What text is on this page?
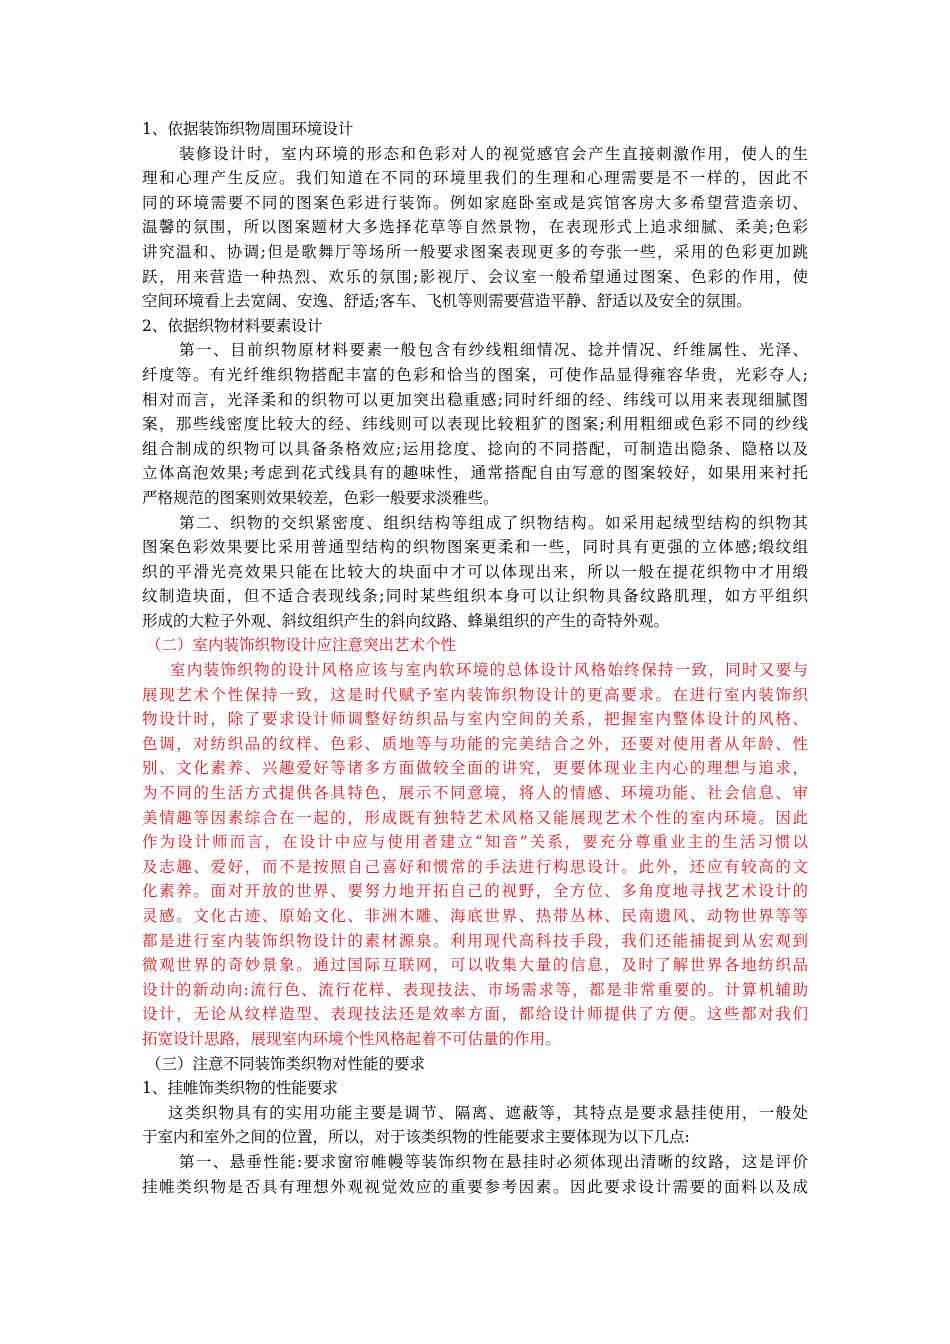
1、依据装饰织物周围环境设计
装修设计时，室内环境的形态和色彩对人的视觉感官会产生直接刺激作用，使人的生
理和心理产生反应。我们知道在不同的环境里我们的生理和心理需要是不一样的，因此不
同的环境需要不同的图案色彩进行装饰。例如家庭卧室或是宾馆客房大多希望营造亲切、
温馨的氛围，所以图案题材大多选择花草等自然景物，在表现形式上追求细腻、柔美;色彩
讲究温和、协调;但是歌舞厅等场所一般要求图案表现更多的夸张一些，采用的色彩更加跳
跃，用来营造一种热烈、欢乐的氛围;影视厅、会议室一般希望通过图案、色彩的作用，使
空间环境看上去宽阔、安逸、舒适;客车、飞机等则需要营造平静、舒适以及安全的氛围。
2、依据织物材料要素设计
第一、目前织物原材料要素一般包含有纱线粗细情况、捻并情况、纤维属性、光泽、
纤度等。有光纤维织物搭配丰富的色彩和恰当的图案，可使作品显得雍容华贵，光彩夺人;
相对而言，光泽柔和的织物可以更加突出稳重感;同时纤细的经、纬线可以用来表现细腻图
案，那些线密度比较大的经、纬线则可以表现比较粗犷的图案;利用粗细或色彩不同的纱线
组合制成的织物可以具备条格效应;运用捻度、捻向的不同搭配，可制造出隐条、隐格以及
立体高泡效果;考虑到花式线具有的趣味性，通常搭配自由写意的图案较好，如果用来衬托
严格规范的图案则效果较差，色彩一般要求淡雅些。
第二、织物的交织紧密度、组织结构等组成了织物结构。如采用起绒型结构的织物其
图案色彩效果要比采用普通型结构的织物图案更柔和一些，同时具有更强的立体感;缎纹组
织的平滑光亮效果只能在比较大的块面中才可以体现出来，所以一般在提花织物中才用缎
纹制造块面，但不适合表现线条;同时某些组织本身可以让织物具备纹路肌理，如方平组织
形成的大粒子外观、斜纹组织产生的斜向纹路、蜂巢组织的产生的奇特外观。
（二）室内装饰织物设计应注意突出艺术个性
室内装饰织物的设计风格应该与室内软环境的总体设计风格始终保持一致，同时又要与
展现艺术个性保持一致，这是时代赋予室内装饰织物设计的更高要求。在进行室内装饰织
物设计时，除了要求设计师调整好纺织品与室内空间的关系，把握室内整体设计的风格、
色调，对纺织品的纹样、色彩、质地等与功能的完美结合之外，还要对使用者从年龄、性
别、文化素养、兴趣爱好等诸多方面做较全面的讲究，更要体现业主内心的理想与追求，
为不同的生活方式提供各具特色，展示不同意境，将人的情感、环境功能、社会信息、审
美情趣等因素综合在一起的，形成既有独特艺术风格又能展现艺术个性的室内环境。因此
作为设计师而言，在设计中应与使用者建立“知音”关系，要充分尊重业主的生活习惯以
及志趣、爱好，而不是按照自己喜好和惯常的手法进行构思设计。此外，还应有较高的文
化素养。面对开放的世界、要努力地开拓自己的视野，全方位、多角度地寻找艺术设计的
灵感。文化古迹、原始文化、非洲木雕、海底世界、热带丛林、民南遗风、动物世界等等
都是进行室内装饰织物设计的素材源泉。利用现代高科技手段，我们还能捕捉到从宏观到
微观世界的奇妙景象。通过国际互联网，可以收集大量的信息，及时了解世界各地纺织品
设计的新动向:流行色、流行花样、表现技法、市场需求等，都是非常重要的。计算机辅助
设计，无论从纹样造型、表现技法还是效率方面，都给设计师提供了方便。这些都对我们
拓宽设计思路，展现室内环境个性风格起着不可估量的作用。
（三）注意不同装饰类织物对性能的要求
1、挂帷饰类织物的性能要求
这类织物具有的实用功能主要是调节、隔离、遮蔽等，其特点是要求悬挂使用，一般处
于室内和室外之间的位置，所以，对于该类织物的性能要求主要体现为以下几点:
第一、悬垂性能:要求窗帘帷幔等装饰织物在悬挂时必须体现出清晰的纹路，这是评价
挂帷类织物是否具有理想外观视觉效应的重要参考因素。因此要求设计需要的面料以及成
